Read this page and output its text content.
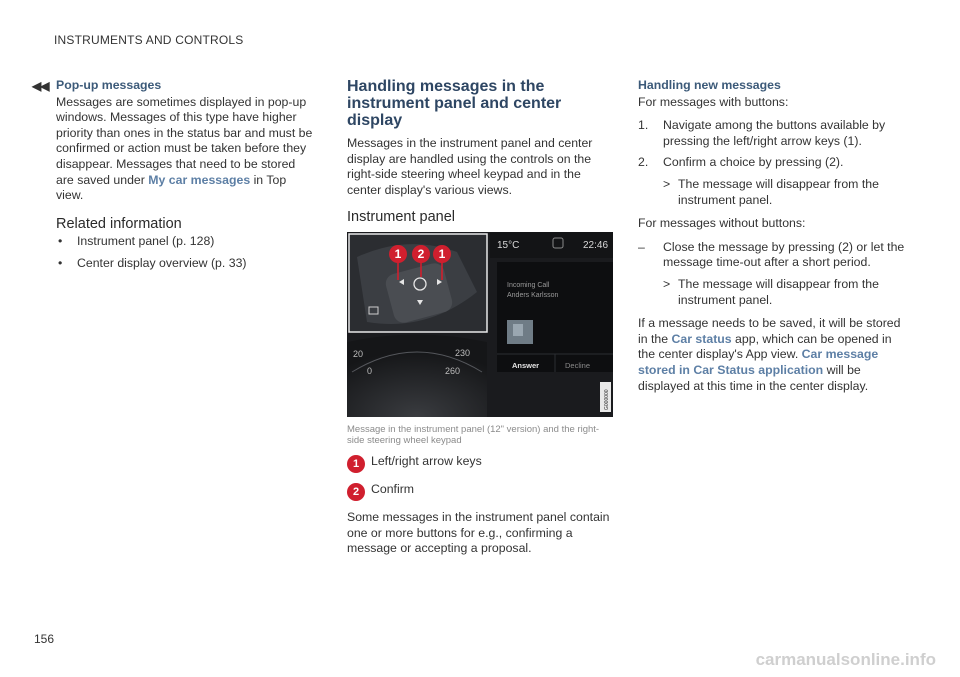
INSTRUMENTS AND CONTROLS
◀◀ Pop-up messages

Messages are sometimes displayed in pop-up windows. Messages of this type have higher priority than ones in the status bar and must be confirmed or action must be taken before they disappear. Messages that need to be stored are saved under My car messages in Top view.

Related information
• Instrument panel (p. 128)
• Center display overview (p. 33)
Handling messages in the instrument panel and center display

Messages in the instrument panel and center display are handled using the controls on the right-side steering wheel keypad and in the center display's various views.

Instrument panel
1 2 1
15°C	22:46
Incoming Call
Anders Karlsson
Answer	Decline
20	230
0	260
G000000
Message in the instrument panel (12" version) and the right-side steering wheel keypad
1 Left/right arrow keys
2 Confirm

Some messages in the instrument panel contain one or more buttons for e.g., confirming a message or accepting a proposal.

Handling new messages

For messages with buttons:

1. Navigate among the buttons available by pressing the left/right arrow keys (1).
2. Confirm a choice by pressing (2).
> The message will disappear from the instrument panel.

For messages without buttons:

– Close the message by pressing (2) or let the message time-out after a short period.
> The message will disappear from the instrument panel.

If a message needs to be saved, it will be stored in the Car status app, which can be opened in the center display's App view. Car message stored in Car Status application will be displayed at this time in the center display.

156
carmanualsonline.info
